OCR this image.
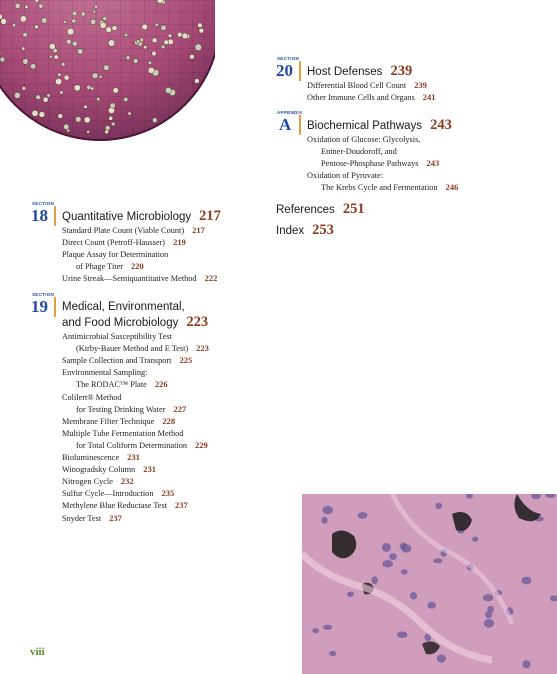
SECTION
18 Quantitative Microbiology 217
Standard Plate Count (Viable Count) 217
Direct Count (Petroff-Hausser) 219
Plaque Assay for Determination
of Phage Titer 220
Urine Streak—Semiquantitative Method 222
SECTION
19 Medical, Environmental,
and Food Microbiology 223
Antimicrobial Susceptibility Test
(Kirby-Bauer Method and E Test) 223
Sample Collection and Transport 225
Environmental Sampling:
The RODAC™ Plate 226
Colilert® Method
for Testing Drinking Water 227
Membrane Filter Technique 228
Multiple Tube Fermentation Method
for Total Coliform Determination 229
Bioluminescence 231
Winogradsky Column 231
Nitrogen Cycle 232
Sulfur Cycle—Introduction 235
Methylene Blue Reductase Test 237
Snyder Test 237
SECTION
20 Host Defenses 239
Differential Blood Cell Count 239
Other Immune Cells and Organs 241
APPENDIX
A Biochemical Pathways 243
Oxidation of Glucose: Glycolysis,
Entner-Doudoroff, and
Pentose-Phosphase Pathways 243
Oxidation of Pyruvate:
The Krebs Cycle and Fermentation 246
References 251
Index 253
viii
